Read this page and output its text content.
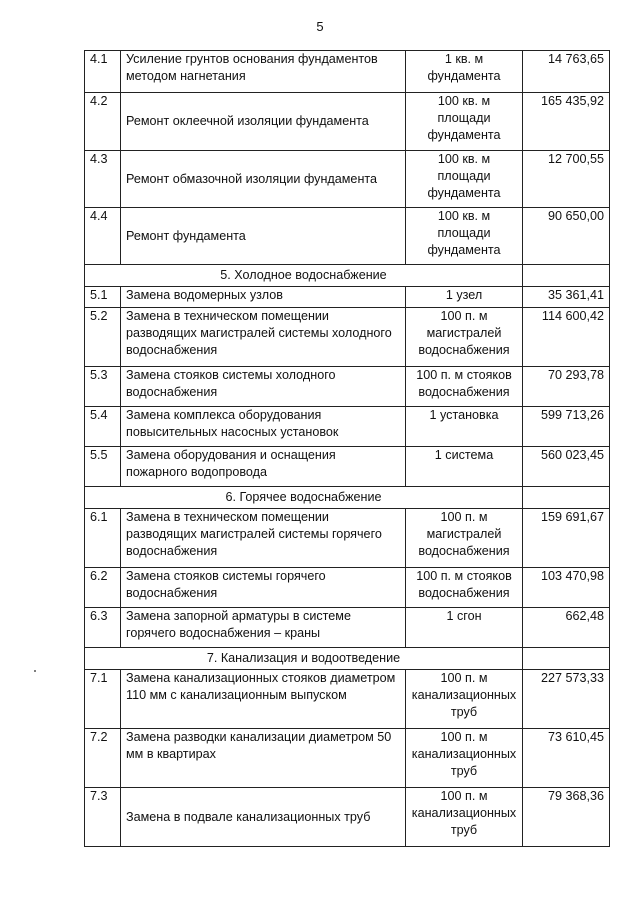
5
4.1	Усиление грунтов основания фундаментов методом нагнетания	1 кв. м фундамента	14 763,65
4.2	Ремонт оклеечной изоляции фундамента	100 кв. м площади фундамента	165 435,92
4.3	Ремонт обмазочной изоляции фундамента	100 кв. м площади фундамента	12 700,55
4.4	Ремонт фундамента	100 кв. м площади фундамента	90 650,00
5. Холодное водоснабжение			
5.1	Замена водомерных узлов	1 узел	35 361,41
5.2	Замена в техническом помещении разводящих магистралей системы холодного водоснабжения	100 п. м магистралей водоснабжения	114 600,42
5.3	Замена стояков системы холодного водоснабжения	100 п. м стояков водоснабжения	70 293,78
5.4	Замена комплекса оборудования повысительных насосных установок	1 установка	599 713,26
5.5	Замена оборудования и оснащения пожарного водопровода	1 система	560 023,45
6. Горячее водоснабжение			
6.1	Замена в техническом помещении разводящих магистралей системы горячего водоснабжения	100 п. м магистралей водоснабжения	159 691,67
6.2	Замена стояков системы горячего водоснабжения	100 п. м стояков водоснабжения	103 470,98
6.3	Замена запорной арматуры в системе горячего водоснабжения – краны	1 сгон	662,48
7. Канализация и водоотведение			
7.1	Замена канализационных стояков диаметром 110 мм с канализационным выпуском	100 п. м канализационных труб	227 573,33
7.2	Замена разводки канализации диаметром 50 мм в квартирах	100 п. м канализационных труб	73 610,45
7.3	Замена в подвале канализационных труб	100 п. м канализационных труб	79 368,36
